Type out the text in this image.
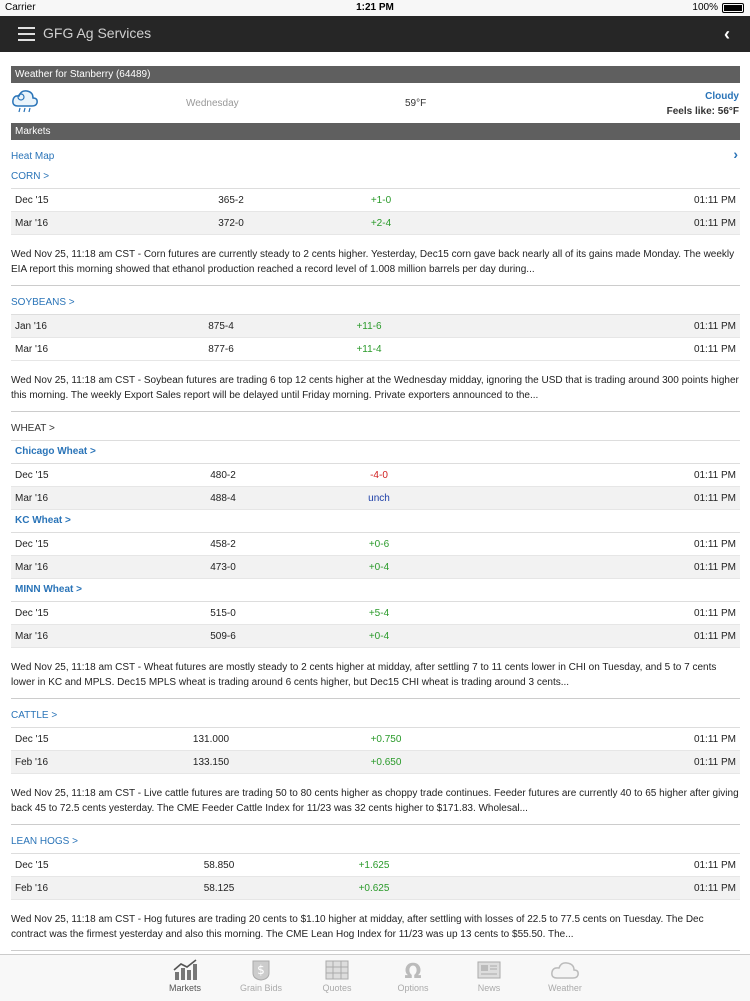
Carrier	1:21 PM	100%
GFG Ag Services	‹
Weather for Stanberry (64489)
Wednesday	59°F
Cloudy
Feels like: 56°F
Markets
Heat Map	›
CORN >
Dec '15	365-2	+1-0	01:11 PM
Mar '16	372-0	+2-4	01:11 PM
Wed Nov 25, 11:18 am CST - Corn futures are currently steady to 2 cents higher. Yesterday, Dec15 corn gave back nearly all of its gains made Monday. The weekly EIA report this morning showed that ethanol production reached a record level of 1.008 million barrels per day during...
SOYBEANS >
Jan '16	875-4	+11-6	01:11 PM
Mar '16	877-6	+11-4	01:11 PM
Wed Nov 25, 11:18 am CST - Soybean futures are trading 6 top 12 cents higher at the Wednesday midday, ignoring the USD that is trading around 300 points higher this morning. The weekly Export Sales report will be delayed until Friday morning. Private exporters announced to the...
WHEAT >
Chicago Wheat >
Dec '15	480-2	-4-0	01:11 PM
Mar '16	488-4	unch	01:11 PM
KC Wheat >
Dec '15	458-2	+0-6	01:11 PM
Mar '16	473-0	+0-4	01:11 PM
MINN Wheat >
Dec '15	515-0	+5-4	01:11 PM
Mar '16	509-6	+0-4	01:11 PM
Wed Nov 25, 11:18 am CST - Wheat futures are mostly steady to 2 cents higher at midday, after settling 7 to 11 cents lower in CHI on Tuesday, and 5 to 7 cents lower in KC and MPLS. Dec15 MPLS wheat is trading around 6 cents higher, but Dec15 CHI wheat is trading around 3 cents...
CATTLE >
Dec '15	131.000	+0.750	01:11 PM
Feb '16	133.150	+0.650	01:11 PM
Wed Nov 25, 11:18 am CST - Live cattle futures are trading 50 to 80 cents higher as choppy trade continues. Feeder futures are currently 40 to 65 higher after giving back 45 to 72.5 cents yesterday. The CME Feeder Cattle Index for 11/23 was 32 cents higher to $171.83. Wholesal...
LEAN HOGS >
Dec '15	58.850	+1.625	01:11 PM
Feb '16	58.125	+0.625	01:11 PM
Wed Nov 25, 11:18 am CST - Hog futures are trading 20 cents to $1.10 higher at midday, after settling with losses of 22.5 to 77.5 cents on Tuesday. The Dec contract was the firmest yesterday and also this morning. The CME Lean Hog Index for 11/23 was up 13 cents to $55.50. The...
Markets
$
Grain Bids	Quotes
Ω
Options	News	Weather
